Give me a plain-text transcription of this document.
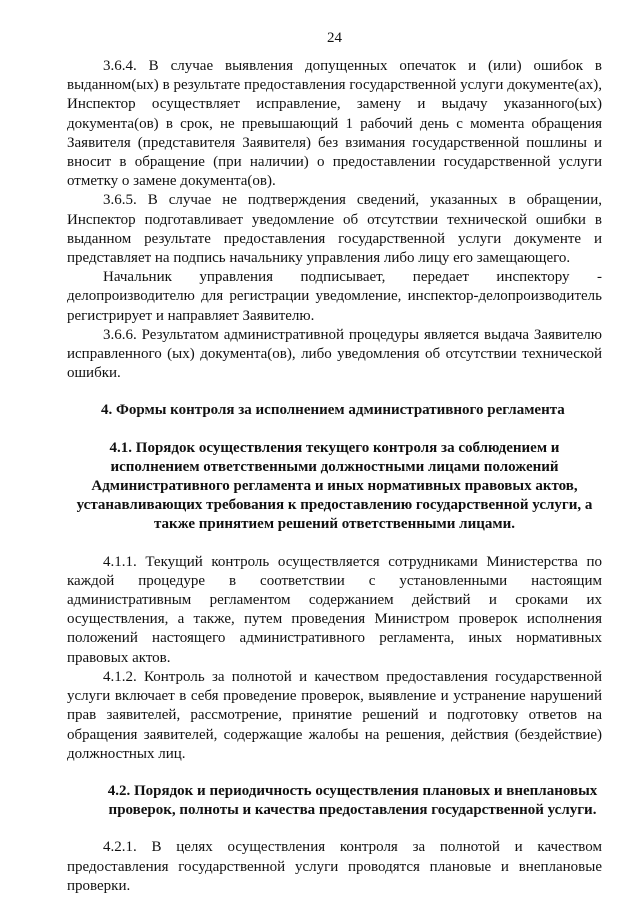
24

3.6.4. В случае выявления допущенных опечаток и (или) ошибок в выданном(ых) в результате предоставления государственной услуги документе(ах), Инспектор осуществляет исправление, замену и выдачу указанного(ых) документа(ов) в срок, не превышающий 1 рабочий день с момента обращения Заявителя (представителя Заявителя) без взимания государственной пошлины и вносит в обращение (при наличии) о предоставлении государственной услуги отметку о замене документа(ов).

3.6.5. В случае не подтверждения сведений, указанных в обращении, Инспектор подготавливает уведомление об отсутствии технической ошибки в выданном результате предоставления государственной услуги документе и представляет на подпись начальнику управления либо лицу его замещающего.

Начальник управления подписывает, передает инспектору - делопроизводителю для регистрации уведомление, инспектор-делопроизводитель регистрирует и направляет Заявителю.

3.6.6. Результатом административной процедуры является выдача Заявителю исправленного (ых) документа(ов), либо уведомления об отсутствии технической ошибки.

4. Формы контроля за исполнением административного регламента

4.1. Порядок осуществления текущего контроля за соблюдением и исполнением ответственными должностными лицами положений Административного регламента и иных нормативных правовых актов, устанавливающих требования к предоставлению государственной услуги, а также принятием решений ответственными лицами.

4.1.1. Текущий контроль осуществляется сотрудниками Министерства по каждой процедуре в соответствии с установленными настоящим административным регламентом содержанием действий и сроками их осуществления, а также, путем проведения Министром проверок исполнения положений настоящего административного регламента, иных нормативных правовых актов.

4.1.2. Контроль за полнотой и качеством предоставления государственной услуги включает в себя проведение проверок, выявление и устранение нарушений прав заявителей, рассмотрение, принятие решений и подготовку ответов на обращения заявителей, содержащие жалобы на решения, действия (бездействие) должностных лиц.

4.2. Порядок и периодичность осуществления плановых и внеплановых проверок, полноты и качества предоставления государственной услуги.

4.2.1. В целях осуществления контроля за полнотой и качеством предоставления государственной услуги проводятся плановые и внеплановые проверки.
